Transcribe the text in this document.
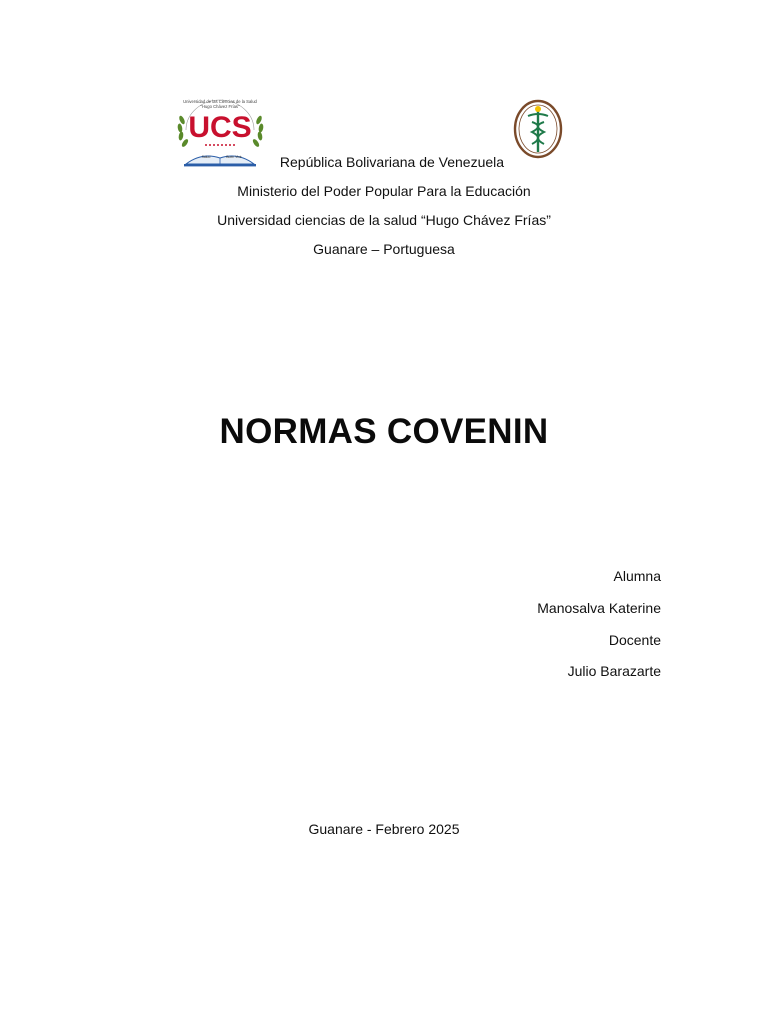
Universidad de las Ciencias de la Salud
"Hugo Chávez Frías"
UCS
Salud	Buen Vivir	República Bolivariana de Venezuela
Ministerio del Poder Popular Para la Educación
Universidad ciencias de la salud “Hugo Chávez Frías”
Guanare – Portuguesa
NORMAS COVENIN
Alumna
Manosalva Katerine
Docente
Julio Barazarte
Guanare - Febrero 2025
